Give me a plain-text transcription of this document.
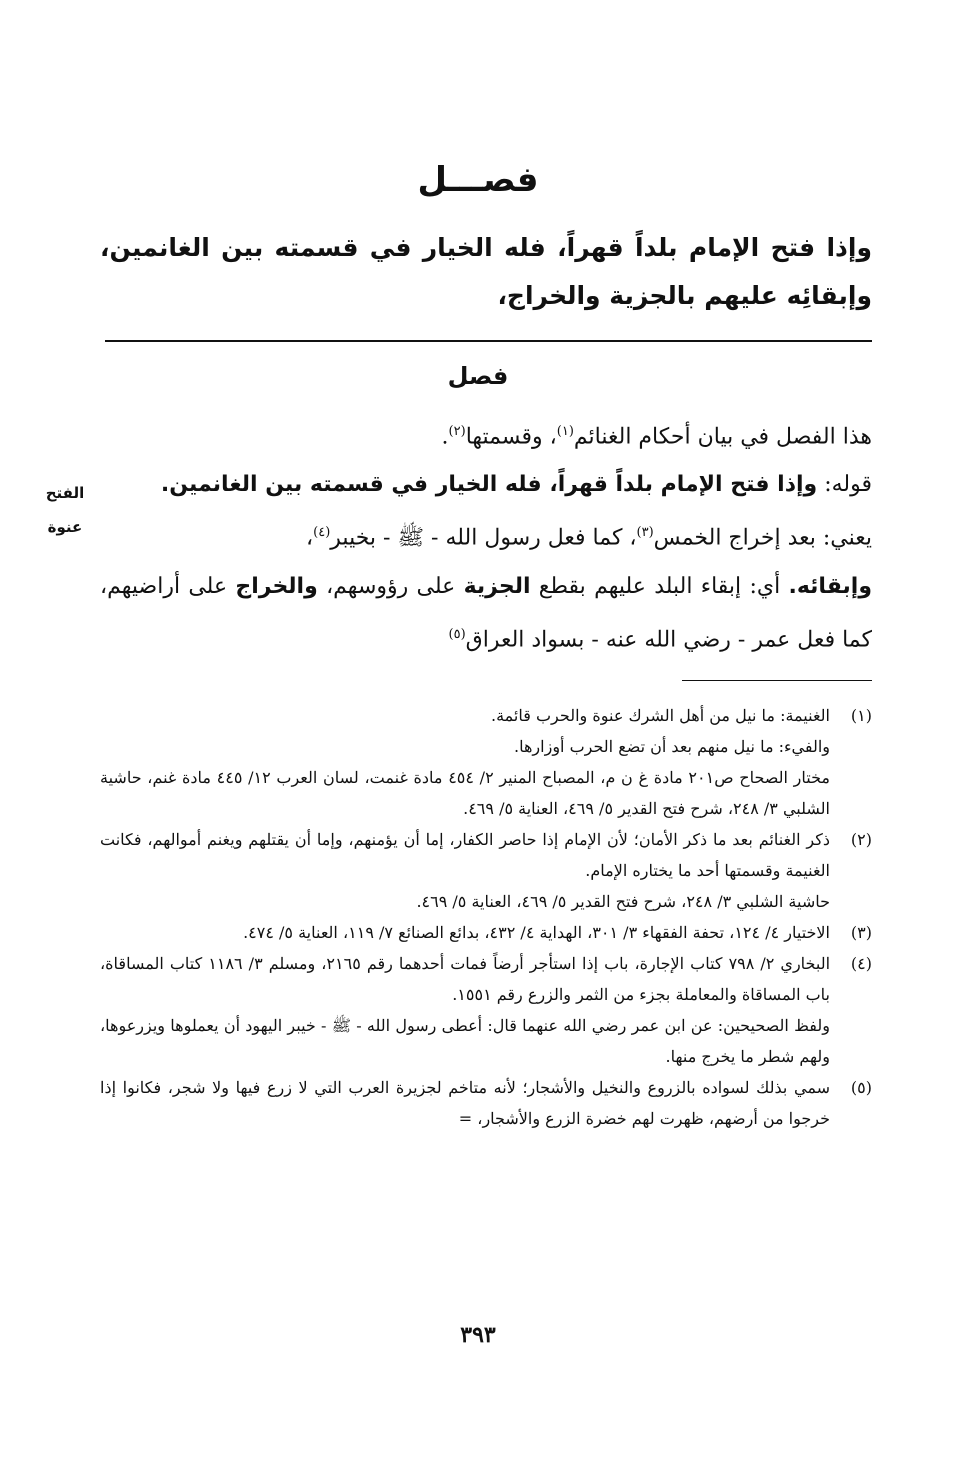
فصـــل
وإذا فتح الإمام بلداً قهراً، فله الخيار في قسمته بين الغانمين، وإبقائِه عليهم بالجزية والخراج،
فصل

هذا الفصل في بيان أحكام الغنائم$^{(١)}$، وقسمتها$^{(٢)}$.

قوله: وإذا فتح الإمام بلداً قهراً، فله الخيار في قسمته بين الغانمين.

يعني: بعد إخراج الخمس$^{(٣)}$، كما فعل رسول الله - ﷺ - بخيبر$^{(٤)}$،

وإبقائه. أي: إبقاء البلد عليهم بقطع الجزية على رؤوسهم، والخراج على أراضيهم، كما فعل عمر - رضي الله عنه - بسواد العراق$^{(٥)}$

الفتح
عنوة
(١)
الغنيمة: ما نيل من أهل الشرك عنوة والحرب قائمة.
والفيء: ما نيل منهم بعد أن تضع الحرب أوزارها.
مختار الصحاح ص٢٠١ مادة غ ن م، المصباح المنير ٢/ ٤٥٤ مادة غنمت، لسان العرب ١٢/ ٤٤٥ مادة غنم، حاشية الشلبي ٣/ ٢٤٨، شرح فتح القدير ٥/ ٤٦٩، العناية ٥/ ٤٦٩.
(٢)
ذكر الغنائم بعد ما ذكر الأمان؛ لأن الإمام إذا حاصر الكفار، إما أن يؤمنهم، وإما أن يقتلهم ويغنم أموالهم، فكانت الغنيمة وقسمتها أحد ما يختاره الإمام.
حاشية الشلبي ٣/ ٢٤٨، شرح فتح القدير ٥/ ٤٦٩، العناية ٥/ ٤٦٩.
(٣)
الاختيار ٤/ ١٢٤، تحفة الفقهاء ٣/ ٣٠١، الهداية ٤/ ٤٣٢، بدائع الصنائع ٧/ ١١٩، العناية ٥/ ٤٧٤.
(٤)
البخاري ٢/ ٧٩٨ كتاب الإجارة، باب إذا استأجر أرضاً فمات أحدهما رقم ٢١٦٥، ومسلم ٣/ ١١٨٦ كتاب المساقاة، باب المساقاة والمعاملة بجزء من الثمر والزرع رقم ١٥٥١.
ولفظ الصحيحين: عن ابن عمر رضي الله عنهما قال: أعطى رسول الله - ﷺ - خيبر اليهود أن يعملوها ويزرعوها، ولهم شطر ما يخرج منها.
(٥)
سمي بذلك لسواده بالزروع والنخيل والأشجار؛ لأنه متاخم لجزيرة العرب التي لا زرع فيها ولا شجر، فكانوا إذا خرجوا من أرضهم، ظهرت لهم خضرة الزرع والأشجار، =
٣٩٣
